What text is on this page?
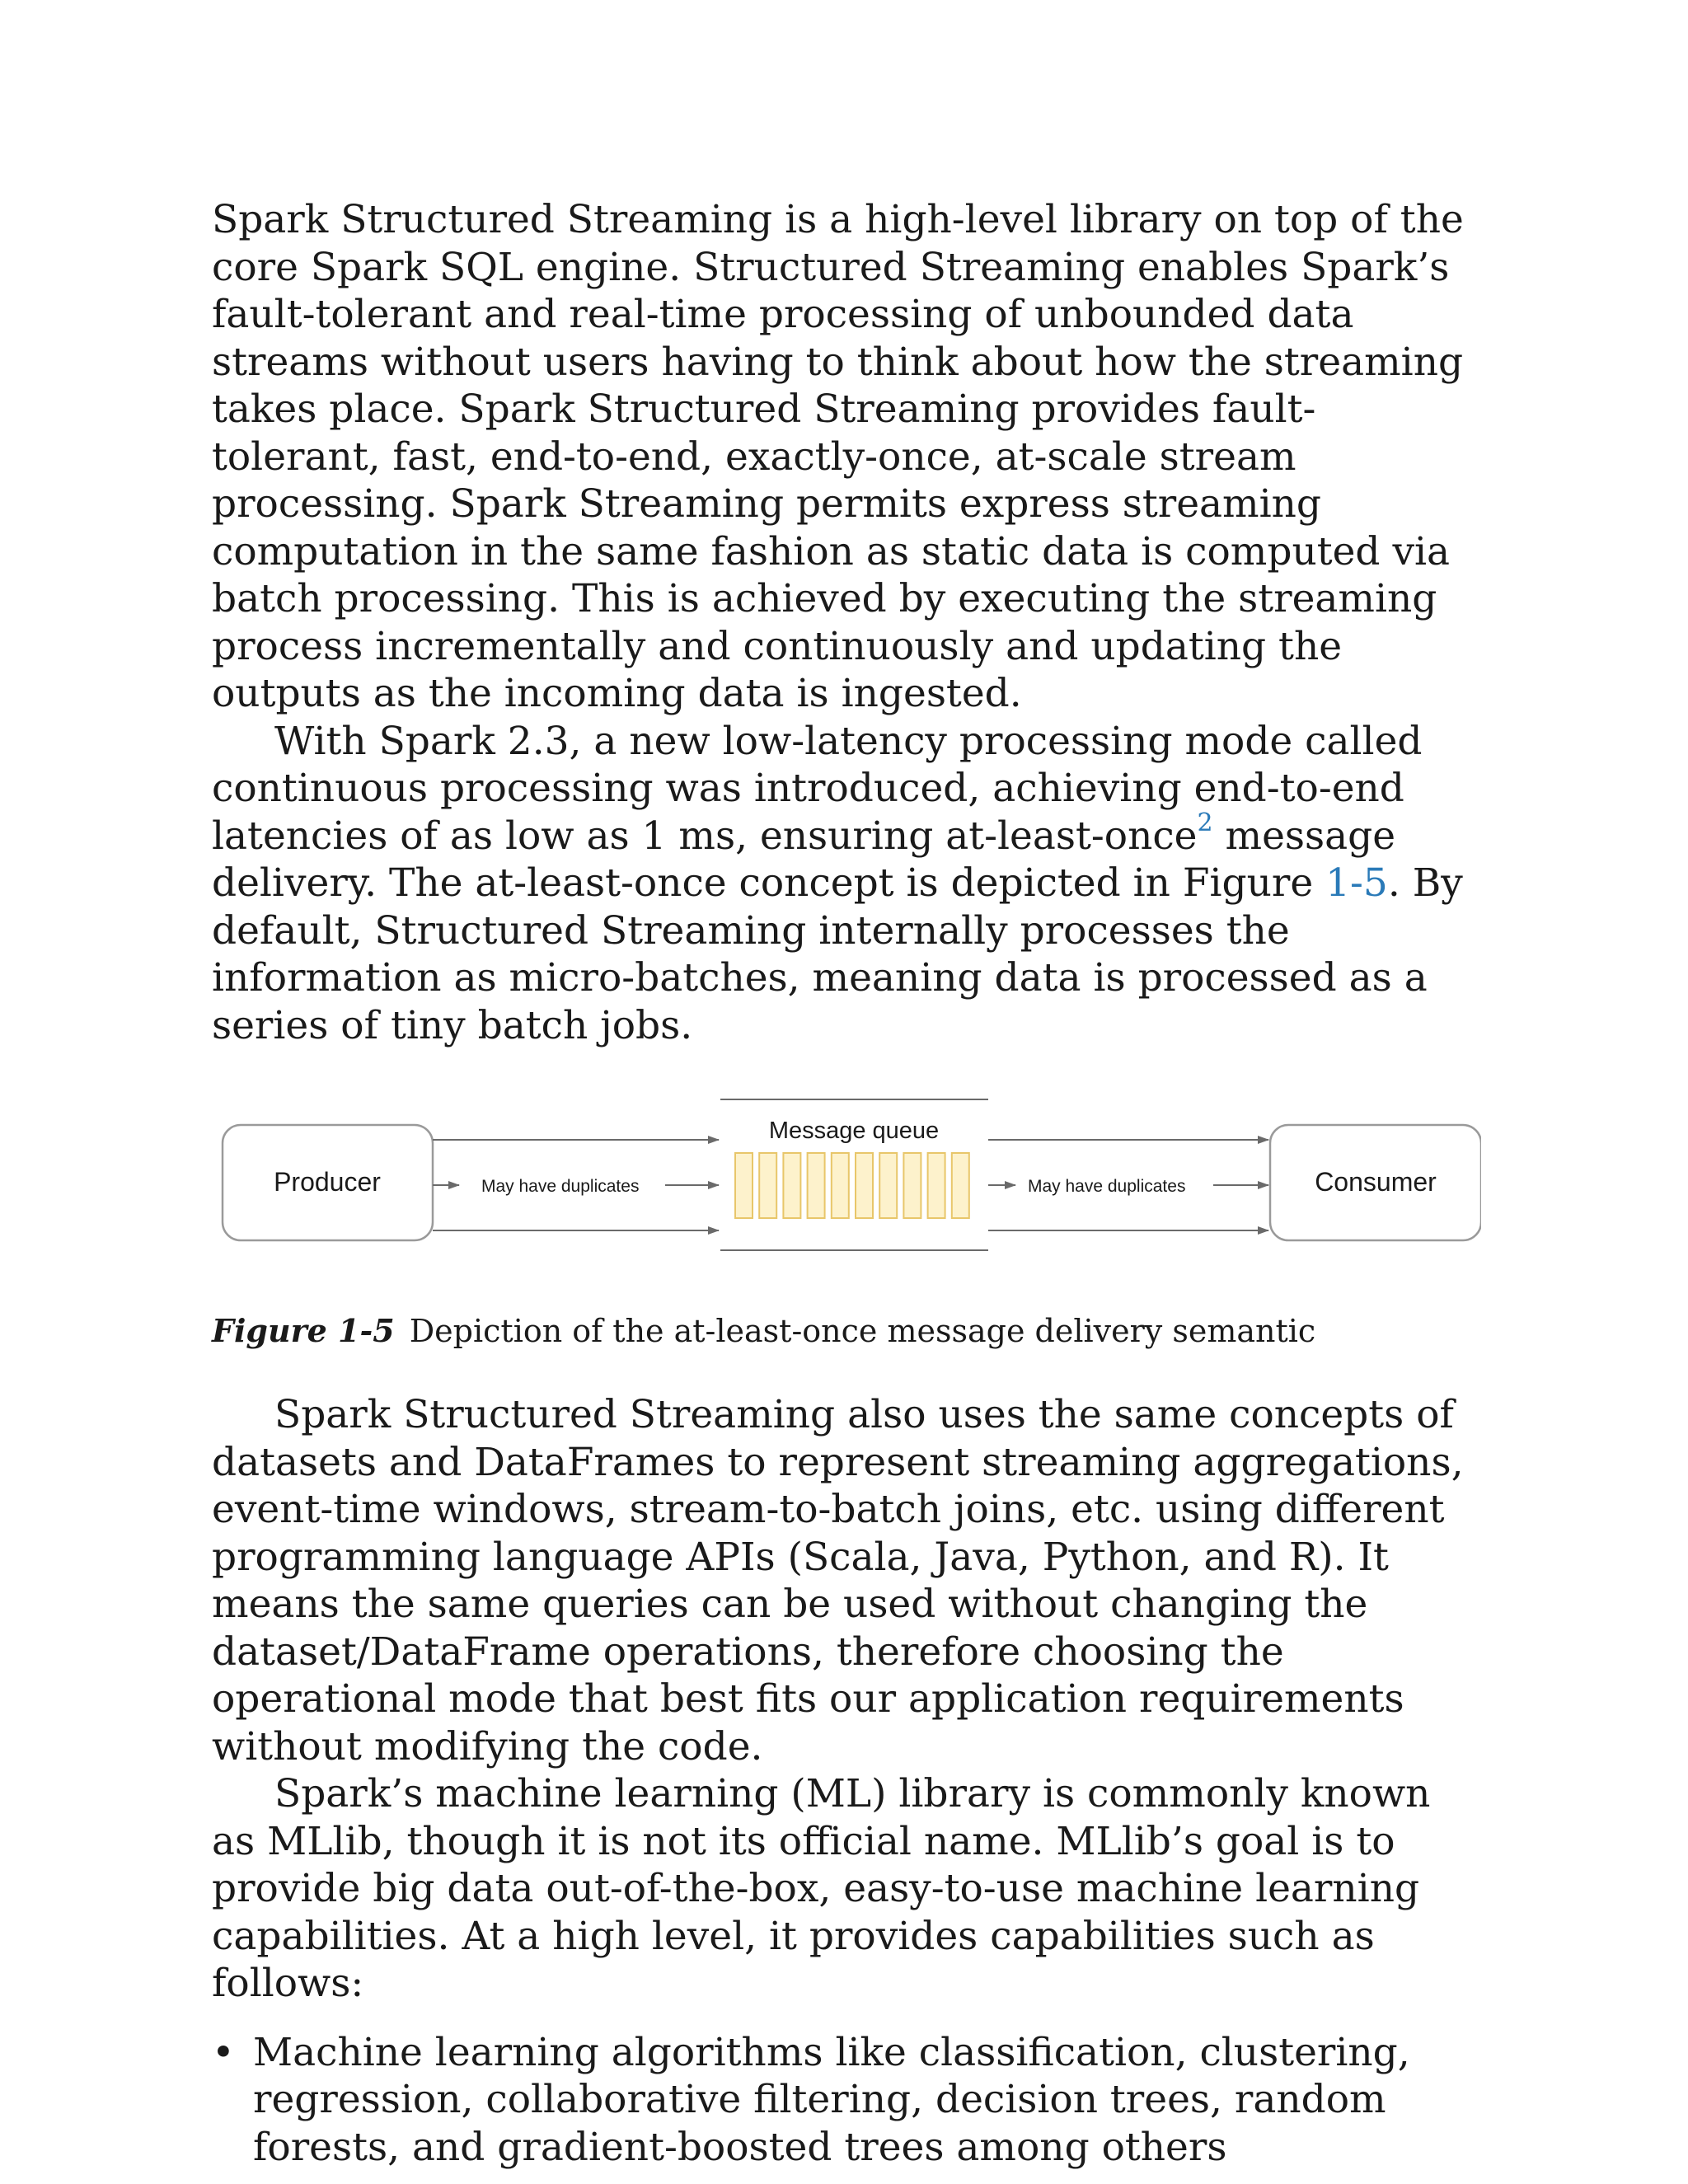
Spark Structured Streaming is a high-level library on top of the core Spark SQL engine. Structured Streaming enables Spark’s fault-tolerant and real-time processing of unbounded data streams without users having to think about how the streaming takes place. Spark Structured Streaming provides fault-tolerant, fast, end-to-end, exactly-once, at-scale stream processing. Spark Streaming permits express streaming computation in the same fashion as static data is computed via batch processing. This is achieved by executing the streaming process incrementally and continuously and updating the outputs as the incoming data is ingested.

With Spark 2.3, a new low-latency processing mode called continuous processing was introduced, achieving end-to-end latencies of as low as 1 ms, ensuring at-least-once$^2$ message delivery. The at-least-once concept is depicted in Figure 1-5. By default, Structured Streaming internally processes the information as micro-batches, meaning data is processed as a series of tiny batch jobs.

Producer	Consumer
Message queue
May have duplicates	May have duplicates

Figure 1-5 Depiction of the at-least-once message delivery semantic

Spark Structured Streaming also uses the same concepts of datasets and DataFrames to represent streaming aggregations, event-time windows, stream-to-batch joins, etc. using different programming language APIs (Scala, Java, Python, and R). It means the same queries can be used without changing the dataset/DataFrame operations, therefore choosing the operational mode that best fits our application requirements without modifying the code.

Spark’s machine learning (ML) library is commonly known as MLlib, though it is not its official name. MLlib’s goal is to provide big data out-of-the-box, easy-to-use machine learning capabilities. At a high level, it provides capabilities such as follows:

• Machine learning algorithms like classification, clustering, regression, collaborative filtering, decision trees, random forests, and gradient-boosted trees among others
